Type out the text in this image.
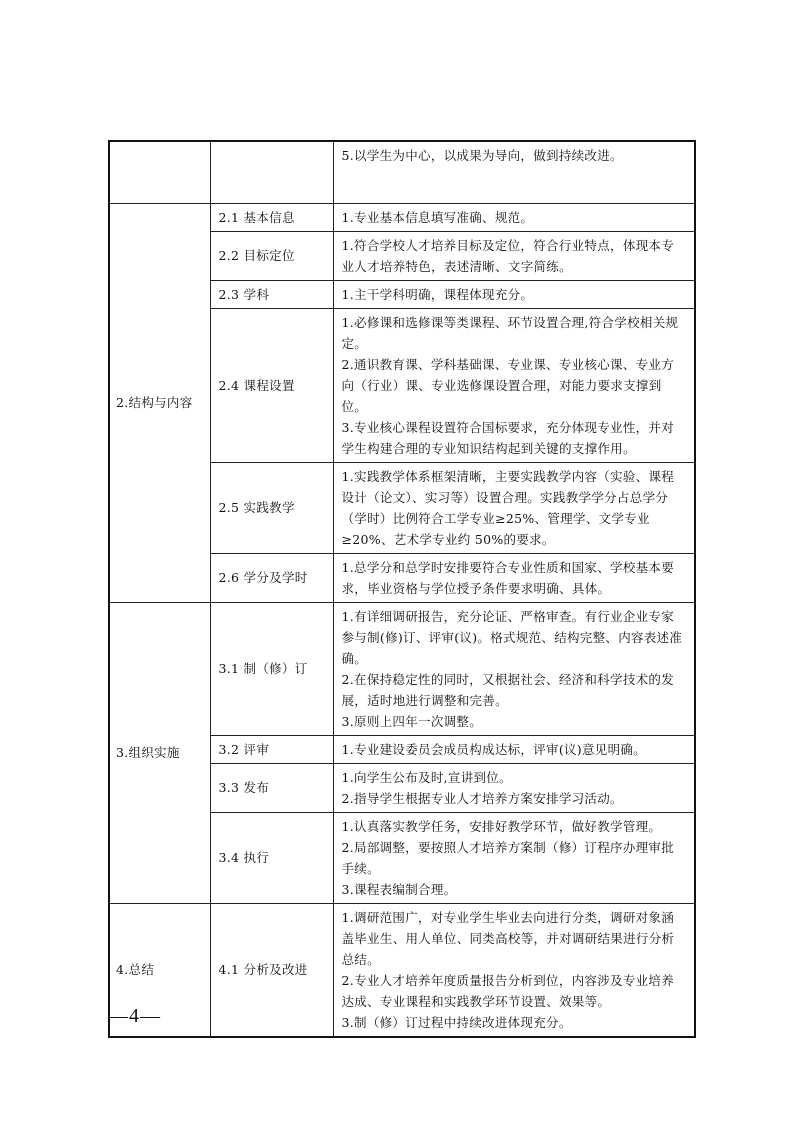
		5.以学生为中心，以成果为导向，做到持续改进。

2.结构与内容	2.1 基本信息	1.专业基本信息填写准确、规范。

	2.2 目标定位	1.符合学校人才培养目标及定位，符合行业特点，体现本专业人才培养特色，表述清晰、文字简练。

	2.3 学科	1.主干学科明确，课程体现充分。

	2.4 课程设置	1.必修课和选修课等类课程、环节设置合理,符合学校相关规定。
2.通识教育课、学科基础课、专业课、专业核心课、专业方向（行业）课、专业选修课设置合理，对能力要求支撑到位。
3.专业核心课程设置符合国标要求，充分体现专业性，并对学生构建合理的专业知识结构起到关键的支撑作用。

	2.5 实践教学	1.实践教学体系框架清晰，主要实践教学内容（实验、课程设计（论文）、实习等）设置合理。实践教学学分占总学分（学时）比例符合工学专业≥25%、管理学、文学专业≥20%、艺术学专业约 50%的要求。

	2.6 学分及学时	1.总学分和总学时安排要符合专业性质和国家、学校基本要求，毕业资格与学位授予条件要求明确、具体。

3.组织实施	3.1 制（修）订	1.有详细调研报告，充分论证、严格审查。有行业企业专家参与制(修)订、评审(议)。格式规范、结构完整、内容表述准确。
2.在保持稳定性的同时，又根据社会、经济和科学技术的发展，适时地进行调整和完善。
3.原则上四年一次调整。

	3.2 评审	1.专业建设委员会成员构成达标，评审(议)意见明确。

	3.3 发布	1.向学生公布及时,宣讲到位。
2.指导学生根据专业人才培养方案安排学习活动。

	3.4 执行	1.认真落实教学任务，安排好教学环节，做好教学管理。
2.局部调整，要按照人才培养方案制（修）订程序办理审批手续。
3.课程表编制合理。

4.总结	4.1 分析及改进	1.调研范围广，对专业学生毕业去向进行分类，调研对象涵盖毕业生、用人单位、同类高校等，并对调研结果进行分析总结。
2.专业人才培养年度质量报告分析到位，内容涉及专业培养达成、专业课程和实践教学环节设置、效果等。
3.制（修）订过程中持续改进体现充分。
—4—
